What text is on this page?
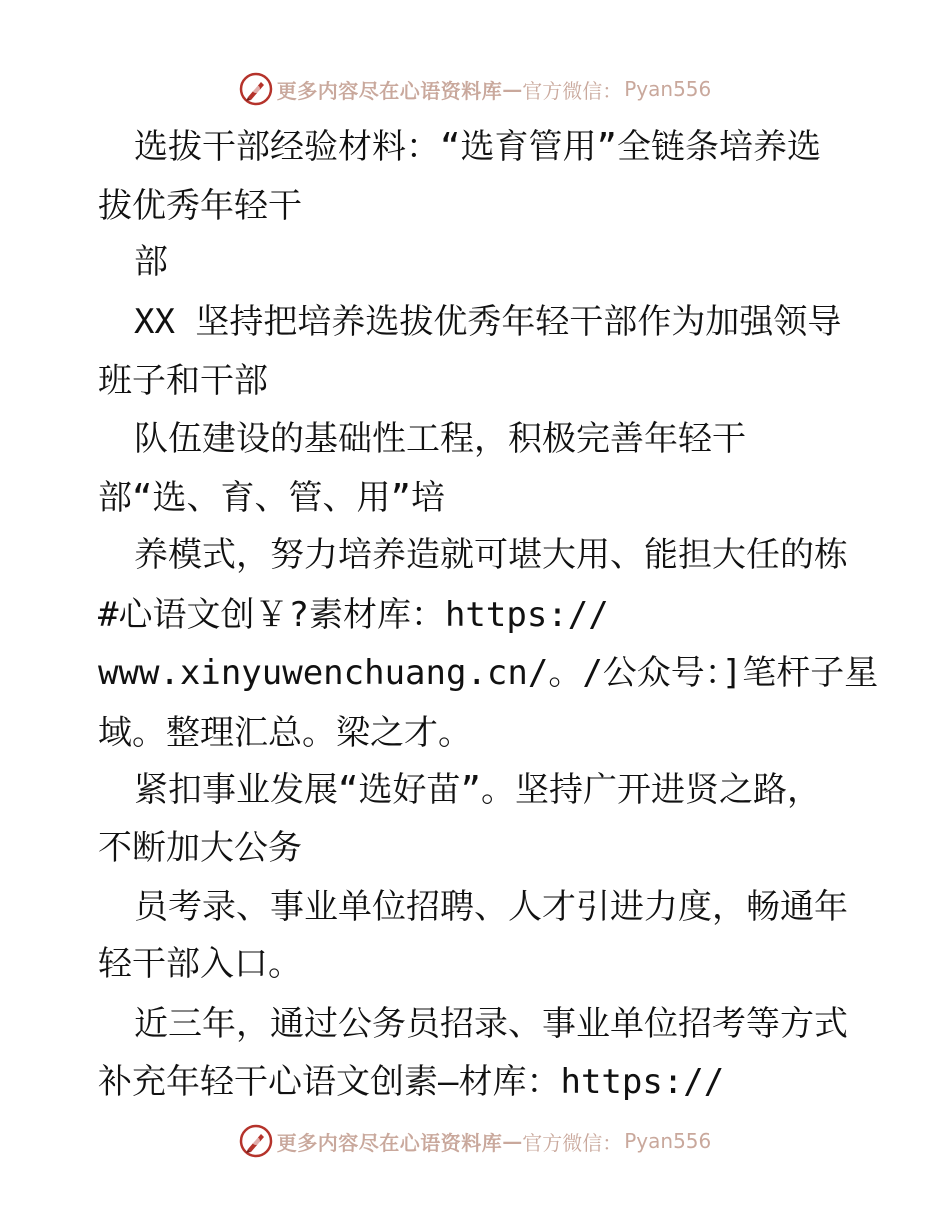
更多内容尽在心语资料库 — 官方微信： Pyan556
选拔干部经验材料：“选育管用”全链条培养选
拔优秀年轻干
部
XX 坚持把培养选拔优秀年轻干部作为加强领导
班子和干部
队伍建设的基础性工程，积极完善年轻干
部“选、育、管、用”培
养模式，努力培养造就可堪大用、能担大任的栋
#心语文创￥?素材库：https://
www.xinyuwenchuang.cn/。/公众号：]笔杆子星
域。整理汇总。梁之才。
紧扣事业发展“选好苗”。坚持广开进贤之路，
不断加大公务
员考录、事业单位招聘、人才引进力度，畅通年
轻干部入口。
近三年，通过公务员招录、事业单位招考等方式
补充年轻干心语文创素—材库：https://
更多内容尽在心语资料库 — 官方微信： Pyan556
